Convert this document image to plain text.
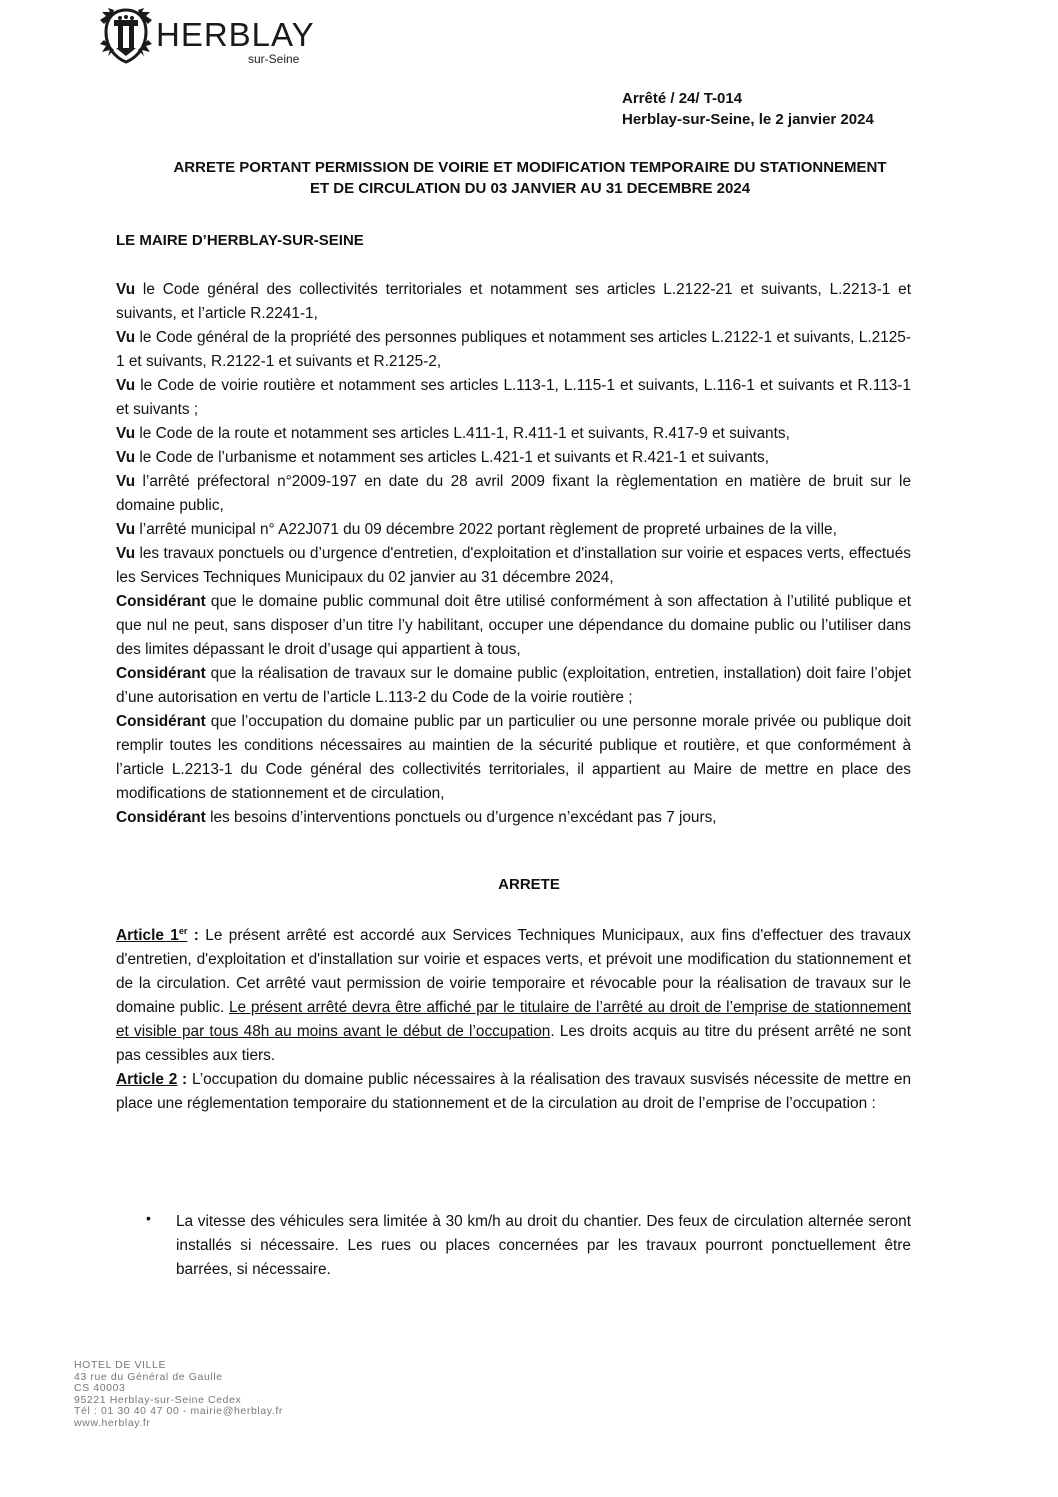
HERBLAY
sur-Seine
Arrêté / 24/ T-014
Herblay-sur-Seine, le 2 janvier 2024
ARRETE PORTANT PERMISSION DE VOIRIE ET MODIFICATION TEMPORAIRE DU STATIONNEMENT
ET DE CIRCULATION DU 03 JANVIER AU 31 DECEMBRE 2024
LE MAIRE D’HERBLAY-SUR-SEINE

Vu le Code général des collectivités territoriales et notamment ses articles L.2122-21 et suivants, L.2213-1 et suivants, et l’article R.2241-1,

Vu le Code général de la propriété des personnes publiques et notamment ses articles L.2122-1 et suivants, L.2125-1 et suivants, R.2122-1 et suivants et R.2125-2,

Vu le Code de voirie routière et notamment ses articles L.113-1, L.115-1 et suivants, L.116-1 et suivants et R.113-1 et suivants ;

Vu le Code de la route et notamment ses articles L.411-1, R.411-1 et suivants, R.417-9 et suivants,

Vu le Code de l’urbanisme et notamment ses articles L.421-1 et suivants et R.421-1 et suivants,

Vu l’arrêté préfectoral n°2009-197 en date du 28 avril 2009 fixant la règlementation en matière de bruit sur le domaine public,

Vu l’arrêté municipal n° A22J071 du 09 décembre 2022 portant règlement de propreté urbaines de la ville,

Vu les travaux ponctuels ou d’urgence d'entretien, d'exploitation et d'installation sur voirie et espaces verts, effectués les Services Techniques Municipaux du 02 janvier au 31 décembre 2024,

Considérant que le domaine public communal doit être utilisé conformément à son affectation à l’utilité publique et que nul ne peut, sans disposer d’un titre l’y habilitant, occuper une dépendance du domaine public ou l’utiliser dans des limites dépassant le droit d’usage qui appartient à tous,

Considérant que la réalisation de travaux sur le domaine public (exploitation, entretien, installation) doit faire l’objet d’une autorisation en vertu de l’article L.113-2 du Code de la voirie routière ;

Considérant que l’occupation du domaine public par un particulier ou une personne morale privée ou publique doit remplir toutes les conditions nécessaires au maintien de la sécurité publique et routière, et que conformément à l’article L.2213-1 du Code général des collectivités territoriales, il appartient au Maire de mettre en place des modifications de stationnement et de circulation,

Considérant les besoins d’interventions ponctuels ou d’urgence n’excédant pas 7 jours,

ARRETE

Article 1er : Le présent arrêté est accordé aux Services Techniques Municipaux, aux fins d'effectuer des travaux d'entretien, d'exploitation et d'installation sur voirie et espaces verts, et prévoit une modification du stationnement et de la circulation. Cet arrêté vaut permission de voirie temporaire et révocable pour la réalisation de travaux sur le domaine public. Le présent arrêté devra être affiché par le titulaire de l’arrêté au droit de l’emprise de stationnement et visible par tous 48h au moins avant le début de l’occupation. Les droits acquis au titre du présent arrêté ne sont pas cessibles aux tiers.

Article 2 : L’occupation du domaine public nécessaires à la réalisation des travaux susvisés nécessite de mettre en place une réglementation temporaire du stationnement et de la circulation au droit de l’emprise de l’occupation :

•	La vitesse des véhicules sera limitée à 30 km/h au droit du chantier. Des feux de circulation alternée seront installés si nécessaire. Les rues ou places concernées par les travaux pourront ponctuellement être barrées, si nécessaire.
HOTEL DE VILLE
43 rue du Général de Gaulle
CS 40003
95221 Herblay-sur-Seine Cedex
Tél : 01 30 40 47 00 - mairie@herblay.fr
www.herblay.fr
